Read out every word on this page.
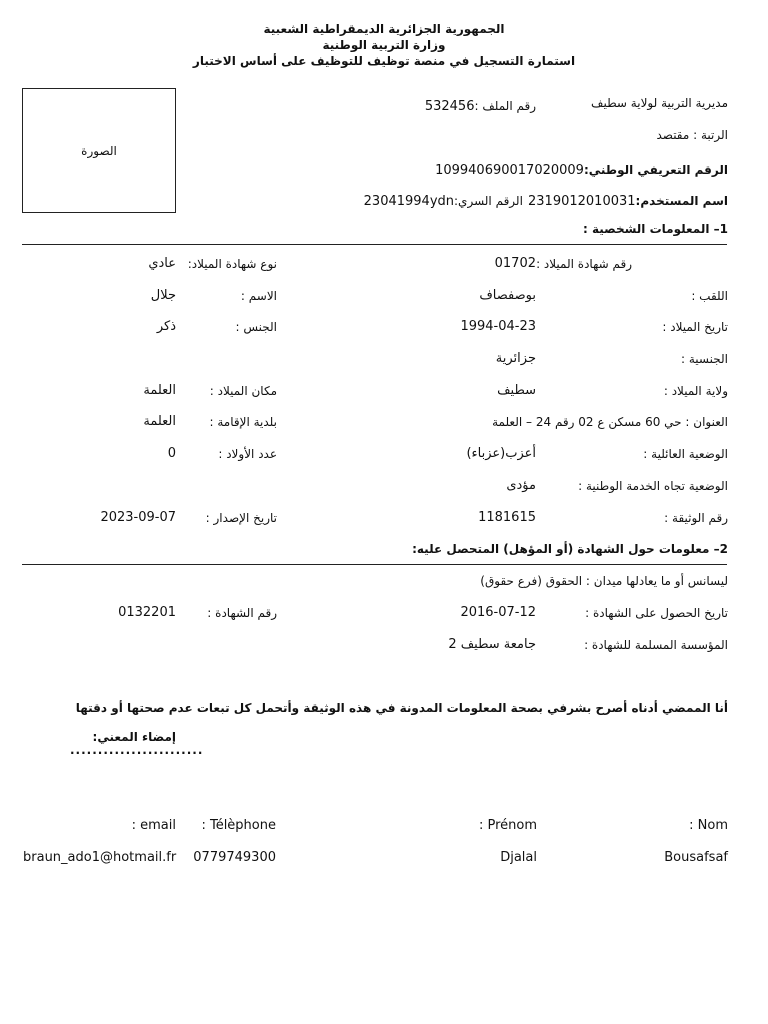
الجمهورية الجزائرية الديمقراطية الشعبية
وزارة التربية الوطنية
استمارة التسجيل في منصة توظيف للتوظيف على أساس الاختبار
الصورة
مديرية التربية لولاية سطيف
رقم الملف :532456
الرتبة : مقتصد
الرقم التعريفي الوطني:109940690017020009
اسم المستخدم:2319012010031 الرقم السري:23041994ydn
1– المعلومات الشخصية :
رقم شهادة الميلاد :
01702
نوع شهادة الميلاد:
عادي
اللقب :
بوصفصاف
الاسم :
جلال
تاريخ الميلاد :
1994-04-23
الجنس :
ذكر
الجنسية :
جزائرية
ولاية الميلاد :
سطيف
مكان الميلاد :
العلمة
العنوان : حي 60 مسكن ع 02 رقم 24 – العلمة
بلدية الإقامة :
العلمة
الوضعية العائلية :
أعزب(عزباء)
عدد الأولاد :
0
الوضعية تجاه الخدمة الوطنية :
مؤدى
رقم الوثيقة :
1181615
تاريخ الإصدار :
2023-09-07
2– معلومات حول الشهادة (أو المؤهل) المتحصل عليه:
ليسانس أو ما يعادلها ميدان : الحقوق (فرع حقوق)
تاريخ الحصول على الشهادة :
2016-07-12
رقم الشهادة :
0132201
المؤسسة المسلمة للشهادة :
جامعة سطيف 2
أنا الممضي أدناه أصرح بشرفي بصحة المعلومات المدونة في هذه الوثيقة وأتحمل كل تبعات عدم صحتها أو دقتها
إمضاء المعني:
........................
: Nom
: Prénom
: Télèphone
: email
Bousafsaf
Djalal
0779749300
braun_ado1@hotmail.fr
